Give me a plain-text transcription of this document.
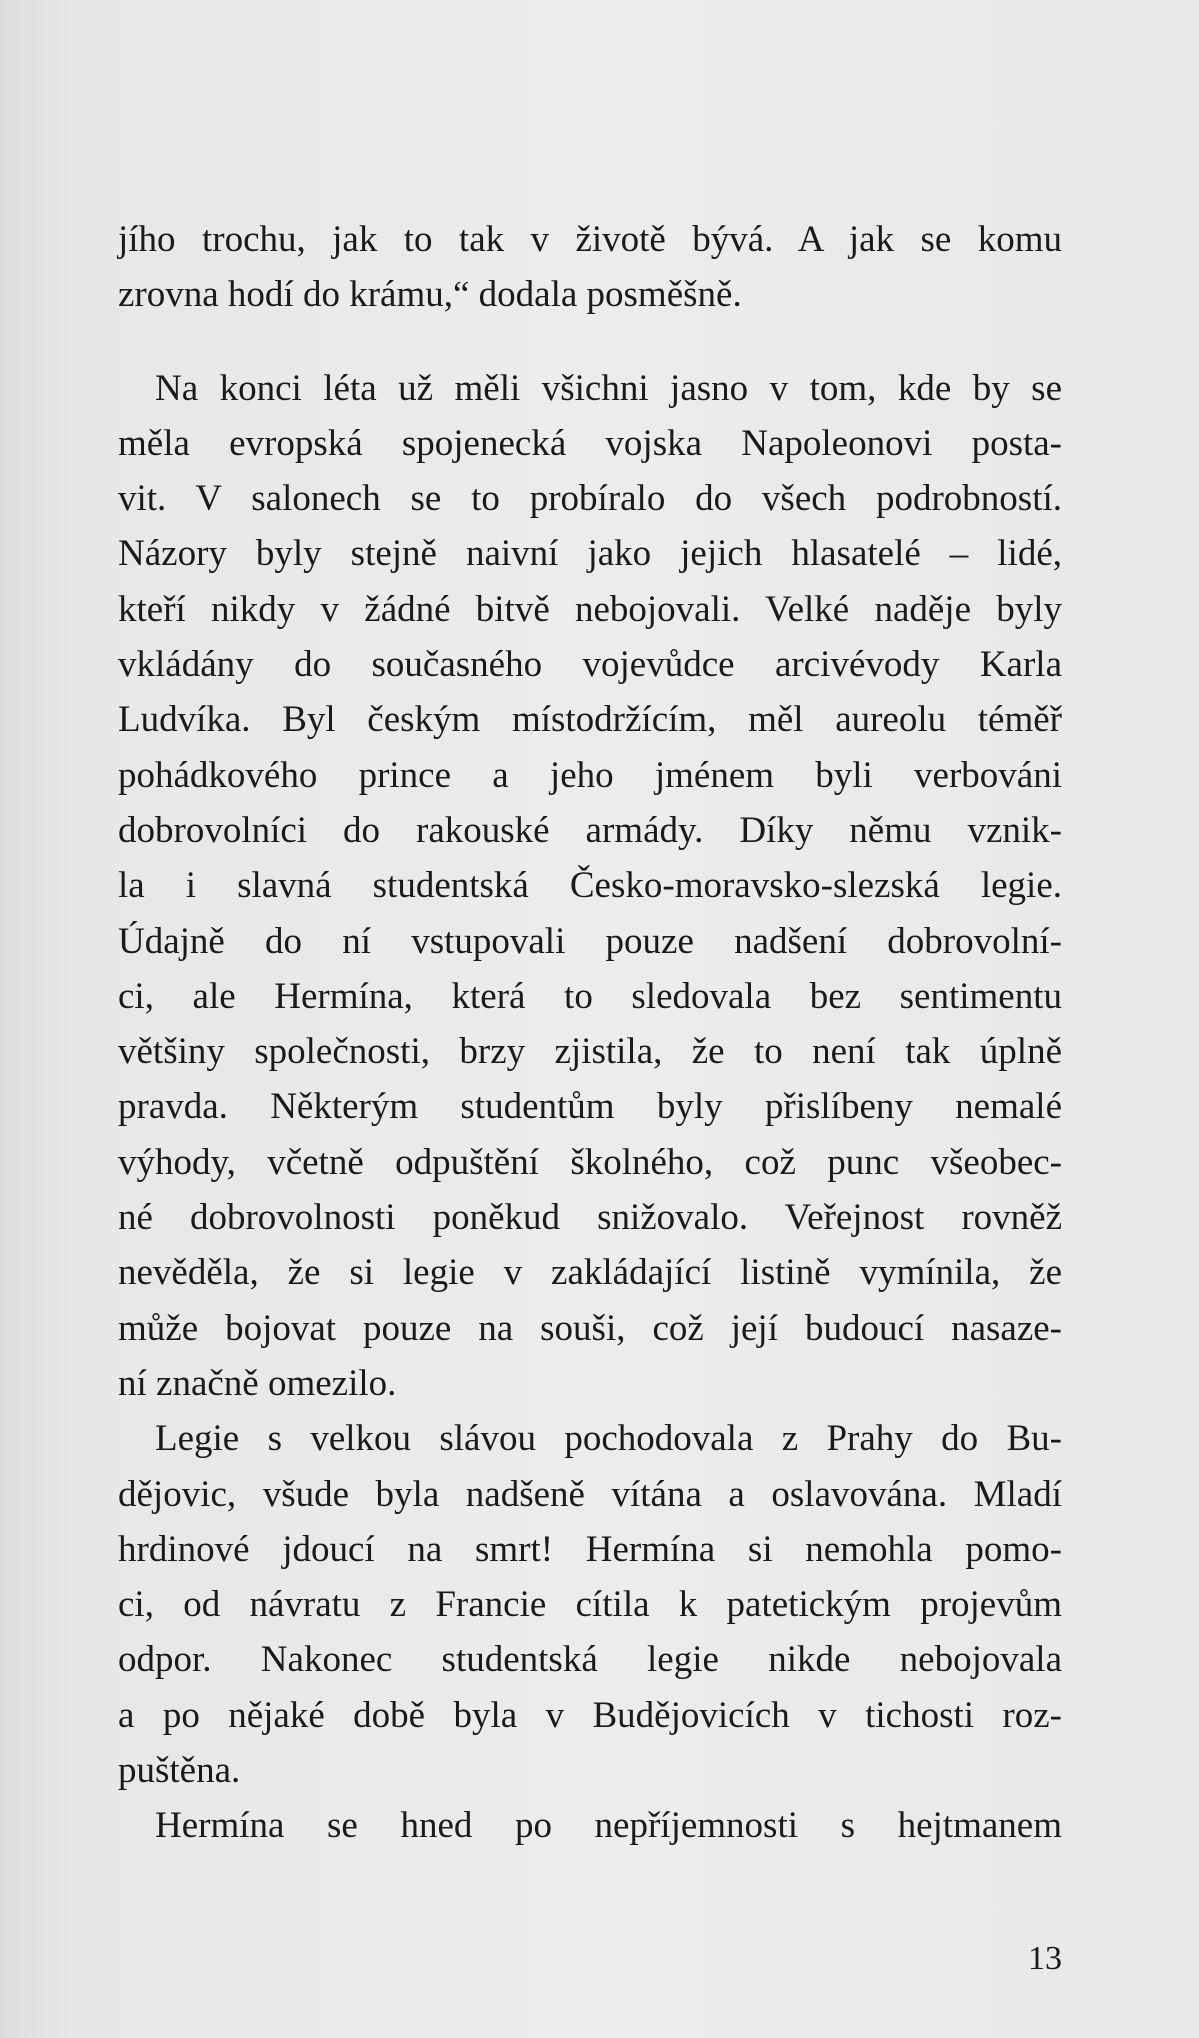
jího trochu, jak to tak v životě bývá. A jak se komu
zrovna hodí do krámu,“ dodala posměšně.
Na konci léta už měli všichni jasno v tom, kde by se
měla evropská spojenecká vojska Napoleonovi posta-
vit. V salonech se to probíralo do všech podrobností.
Názory byly stejně naivní jako jejich hlasatelé – lidé,
kteří nikdy v žádné bitvě nebojovali. Velké naděje byly
vkládány do současného vojevůdce arcivévody Karla
Ludvíka. Byl českým místodržícím, měl aureolu téměř
pohádkového prince a jeho jménem byli verbováni
dobrovolníci do rakouské armády. Díky němu vznik-
la i slavná studentská Česko-moravsko-slezská legie.
Údajně do ní vstupovali pouze nadšení dobrovolní-
ci, ale Hermína, která to sledovala bez sentimentu
většiny společnosti, brzy zjistila, že to není tak úplně
pravda. Některým studentům byly přislíbeny nemalé
výhody, včetně odpuštění školného, což punc všeobec-
né dobrovolnosti poněkud snižovalo. Veřejnost rovněž
nevěděla, že si legie v zakládající listině vymínila, že
může bojovat pouze na souši, což její budoucí nasaze-
ní značně omezilo.
Legie s velkou slávou pochodovala z Prahy do Bu-
dějovic, všude byla nadšeně vítána a oslavována. Mladí
hrdinové jdoucí na smrt! Hermína si nemohla pomo-
ci, od návratu z Francie cítila k patetickým projevům
odpor. Nakonec studentská legie nikde nebojovala
a po nějaké době byla v Budějovicích v tichosti roz-
puštěna.
Hermína se hned po nepříjemnosti s hejtmanem
13
